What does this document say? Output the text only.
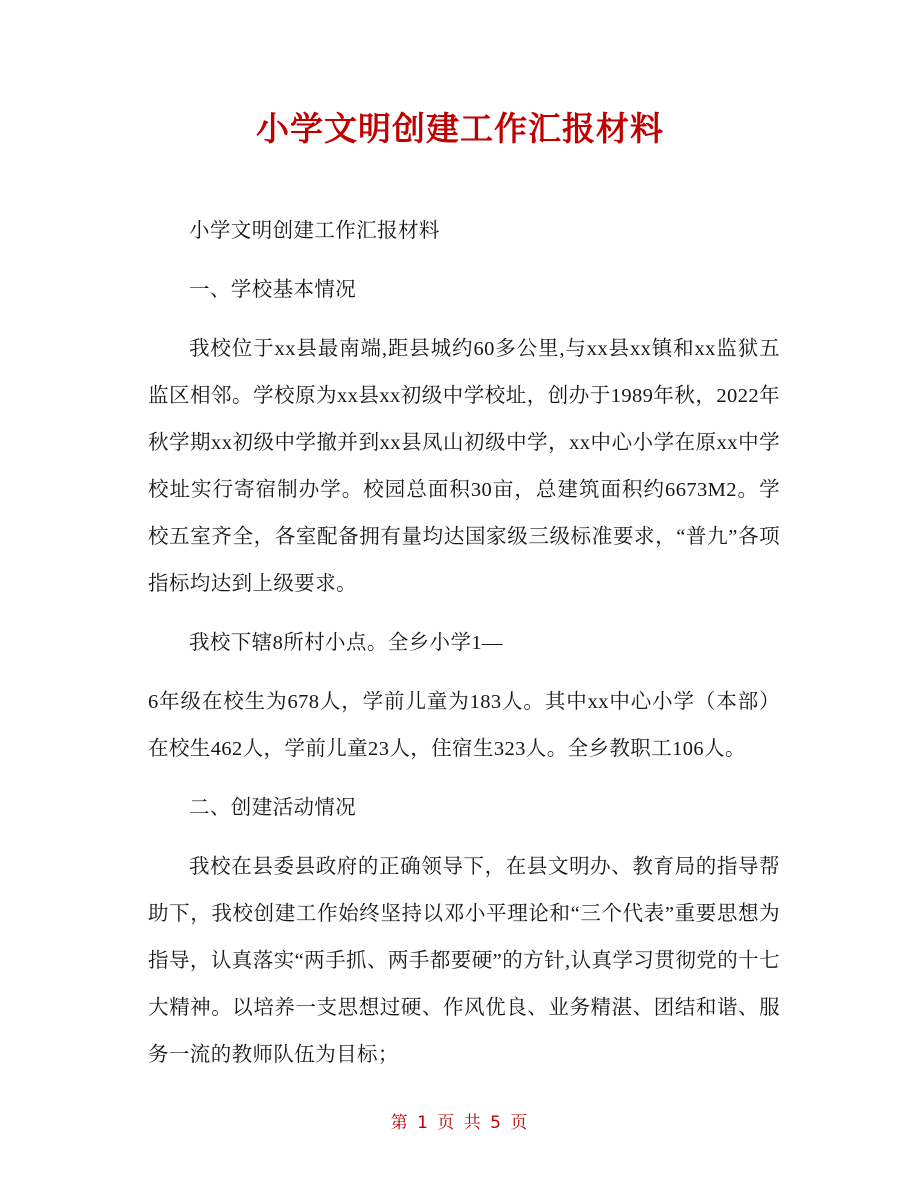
小学文明创建工作汇报材料

小学文明创建工作汇报材料

一、学校基本情况

我校位于xx县最南端,距县城约60多公里,与xx县xx镇和xx监狱五监区相邻。学校原为xx县xx初级中学校址，创办于1989年秋，2022年秋学期xx初级中学撤并到xx县凤山初级中学，xx中心小学在原xx中学校址实行寄宿制办学。校园总面积30亩，总建筑面积约6673M2。学校五室齐全，各室配备拥有量均达国家级三级标准要求，“普九”各项指标均达到上级要求。

我校下辖8所村小点。全乡小学1—

6年级在校生为678人，学前儿童为183人。其中xx中心小学（本部）在校生462人，学前儿童23人，住宿生323人。全乡教职工106人。

二、创建活动情况

我校在县委县政府的正确领导下，在县文明办、教育局的指导帮助下，我校创建工作始终坚持以邓小平理论和“三个代表”重要思想为指导，认真落实“两手抓、两手都要硬”的方针,认真学习贯彻党的十七大精神。以培养一支思想过硬、作风优良、业务精湛、团结和谐、服务一流的教师队伍为目标；

第 1 页 共 5 页
